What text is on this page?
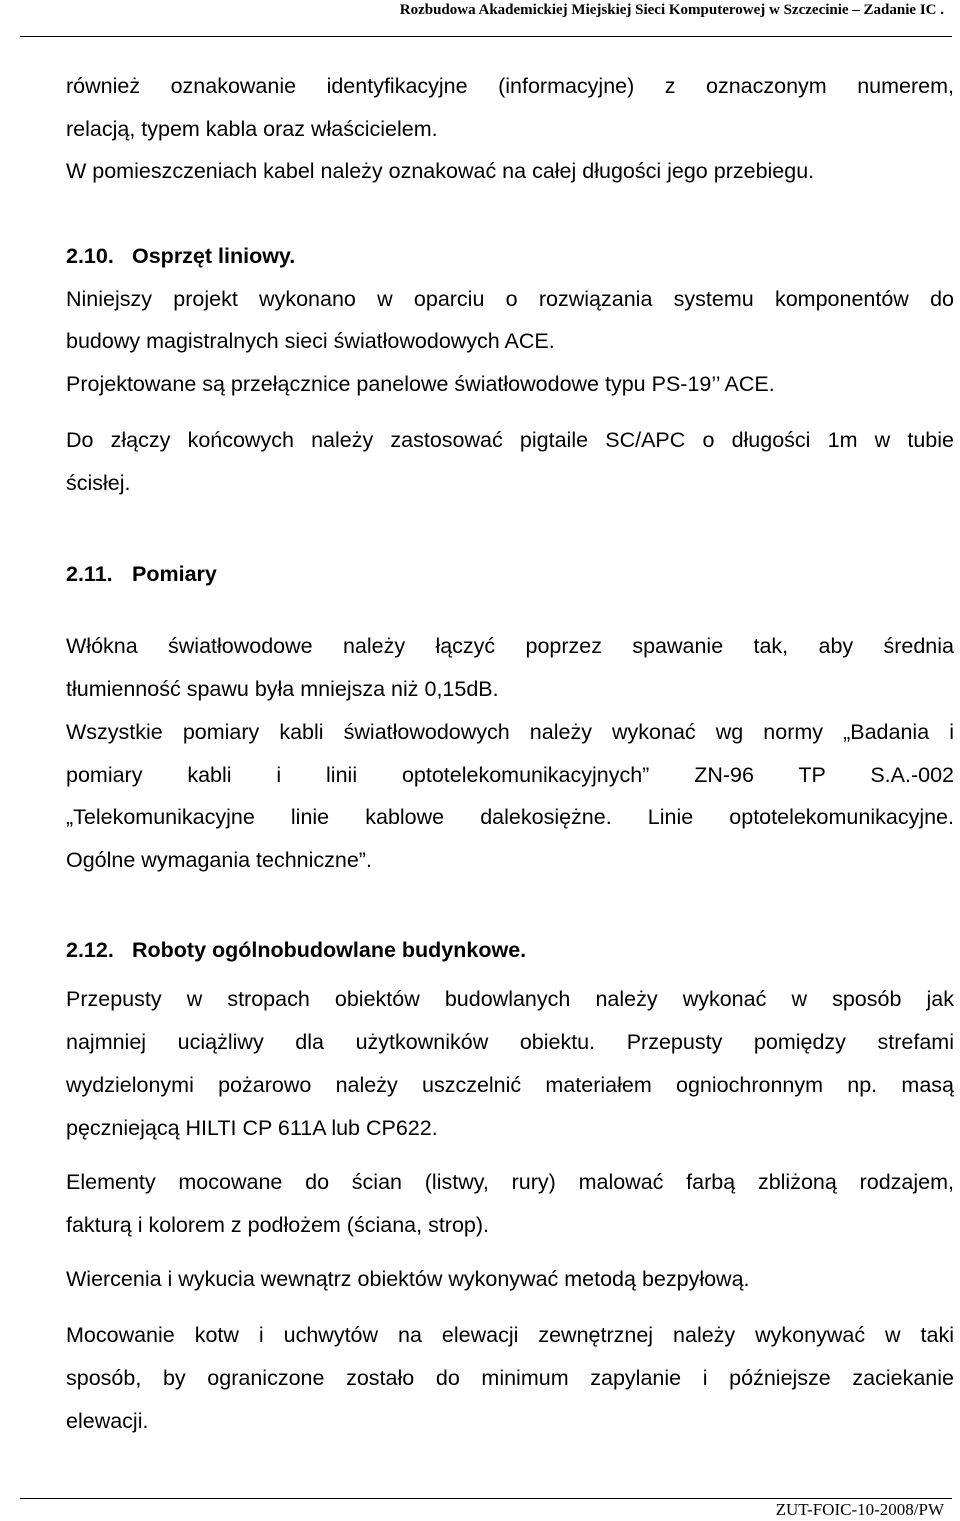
Rozbudowa Akademickiej Miejskiej Sieci Komputerowej w Szczecinie – Zadanie IC .
również oznakowanie identyfikacyjne (informacyjne) z oznaczonym numerem,
relacją, typem kabla oraz właścicielem.
W pomieszczeniach kabel należy oznakować na całej długości jego przebiegu.
2.10. Osprzęt liniowy.
Niniejszy projekt wykonano w oparciu o rozwiązania systemu komponentów do
budowy magistralnych sieci światłowodowych ACE.
Projektowane są przełącznice panelowe światłowodowe typu PS-19’’ ACE.
Do złączy końcowych należy zastosować pigtaile SC/APC o długości 1m w tubie
ścisłej.
2.11. Pomiary
Włókna światłowodowe należy łączyć poprzez spawanie tak, aby średnia
tłumienność spawu była mniejsza niż 0,15dB.
Wszystkie pomiary kabli światłowodowych należy wykonać wg normy „Badania i
pomiary kabli i linii optotelekomunikacyjnych” ZN-96 TP S.A.-002
„Telekomunikacyjne linie kablowe dalekosiężne. Linie optotelekomunikacyjne.
Ogólne wymagania techniczne”.
2.12. Roboty ogólnobudowlane budynkowe.
Przepusty w stropach obiektów budowlanych należy wykonać w sposób jak
najmniej uciążliwy dla użytkowników obiektu. Przepusty pomiędzy strefami
wydzielonymi pożarowo należy uszczelnić materiałem ogniochronnym np. masą
pęczniejącą HILTI CP 611A lub CP622.
Elementy mocowane do ścian (listwy, rury) malować farbą zbliżoną rodzajem,
fakturą i kolorem z podłożem (ściana, strop).
Wiercenia i wykucia wewnątrz obiektów wykonywać metodą bezpyłową.
Mocowanie kotw i uchwytów na elewacji zewnętrznej należy wykonywać w taki
sposób, by ograniczone zostało do minimum zapylanie i późniejsze zaciekanie
elewacji.
ZUT-FOIC-10-2008/PW
